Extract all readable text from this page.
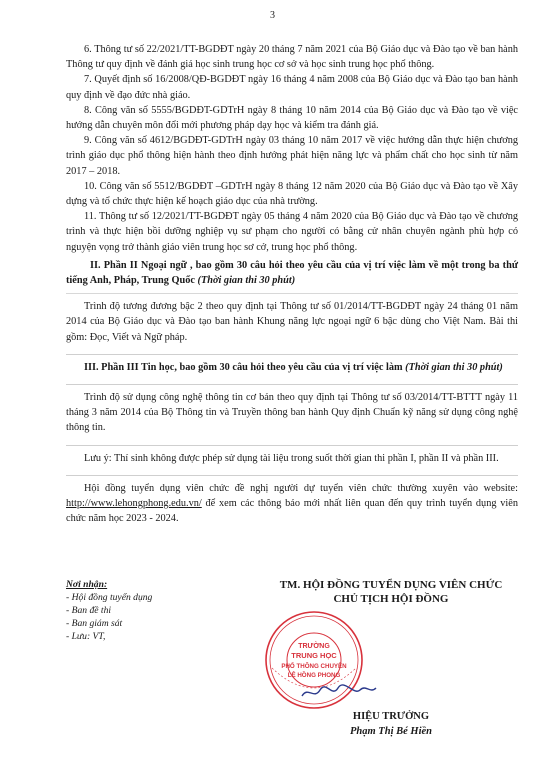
3

6. Thông tư số 22/2021/TT-BGDĐT ngày 20 tháng 7 năm 2021 của Bộ Giáo dục và Đào tạo về ban hành Thông tư quy định về đánh giá học sinh trung học cơ sở và học sinh trung học phổ thông.

7. Quyết định số 16/2008/QĐ-BGDĐT ngày 16 tháng 4 năm 2008 của Bộ Giáo dục và Đào tạo ban hành quy định về đạo đức nhà giáo.

8. Công văn số 5555/BGDĐT-GDTrH ngày 8 tháng 10 năm 2014 của Bộ Giáo dục và Đào tạo về việc hướng dẫn chuyên môn đổi mới phương pháp dạy học và kiểm tra đánh giá.

9. Công văn số 4612/BGDĐT-GDTrH ngày 03 tháng 10 năm 2017 về việc hướng dẫn thực hiện chương trình giáo dục phổ thông hiện hành theo định hướng phát hiện năng lực và phẩm chất cho học sinh từ năm 2017 – 2018.

10. Công văn số 5512/BGDĐT –GDTrH ngày 8 tháng 12 năm 2020 của Bộ Giáo dục và Đào tạo về Xây dựng và tổ chức thực hiện kế hoạch giáo dục của nhà trường.

11. Thông tư số 12/2021/TT-BGDĐT ngày 05 tháng 4 năm 2020 của Bộ Giáo dục và Đào tạo về chương trình và thực hiện bồi dưỡng nghiệp vụ sư phạm cho người có bằng cử nhân chuyên ngành phù hợp có nguyện vọng trở thành giáo viên trung học sơ cở, trung học phổ thông.

II. Phần II Ngoại ngữ , bao gồm 30 câu hỏi theo yêu cầu của vị trí việc làm về một trong ba thứ tiếng Anh, Pháp, Trung Quốc (Thời gian thi 30 phút)

Trình độ tương đương bậc 2 theo quy định tại Thông tư số 01/2014/TT-BGDĐT ngày 24 tháng 01 năm 2014 của Bộ Giáo dục và Đào tạo ban hành Khung năng lực ngoại ngữ 6 bậc dùng cho Việt Nam. Bài thi gồm: Đọc, Viết và Ngữ pháp.

III. Phần III Tin học, bao gồm 30 câu hỏi theo yêu cầu của vị trí việc làm (Thời gian thi 30 phút)

Trình độ sử dụng công nghệ thông tin cơ bản theo quy định tại Thông tư số 03/2014/TT-BTTT ngày 11 tháng 3 năm 2014 của Bộ Thông tin và Truyền thông ban hành Quy định Chuẩn kỹ năng sử dụng công nghệ thông tin.

Lưu ý: Thí sinh không được phép sử dụng tài liệu trong suốt thời gian thi phần I, phần II và phần III.

Hội đồng tuyển dụng viên chức đề nghị người dự tuyển viên chức thường xuyên vào website: http://www.lehongphong.edu.vn/ để xem các thông báo mới nhất liên quan đến quy trình tuyển dụng viên chức năm học 2023 - 2024.

Nơi nhận:
- Hội đồng tuyển dụng
- Ban đề thi
- Ban giám sát
- Lưu: VT,
TM. HỘI ĐỒNG TUYỂN DỤNG VIÊN CHỨC
CHỦ TỊCH HỘI ĐỒNG
HIỆU TRƯỞNG
Phạm Thị Bé Hiền
TRƯỜNG
TRUNG HỌC
PHỔ THÔNG CHUYÊN
LÊ HỒNG PHONG
